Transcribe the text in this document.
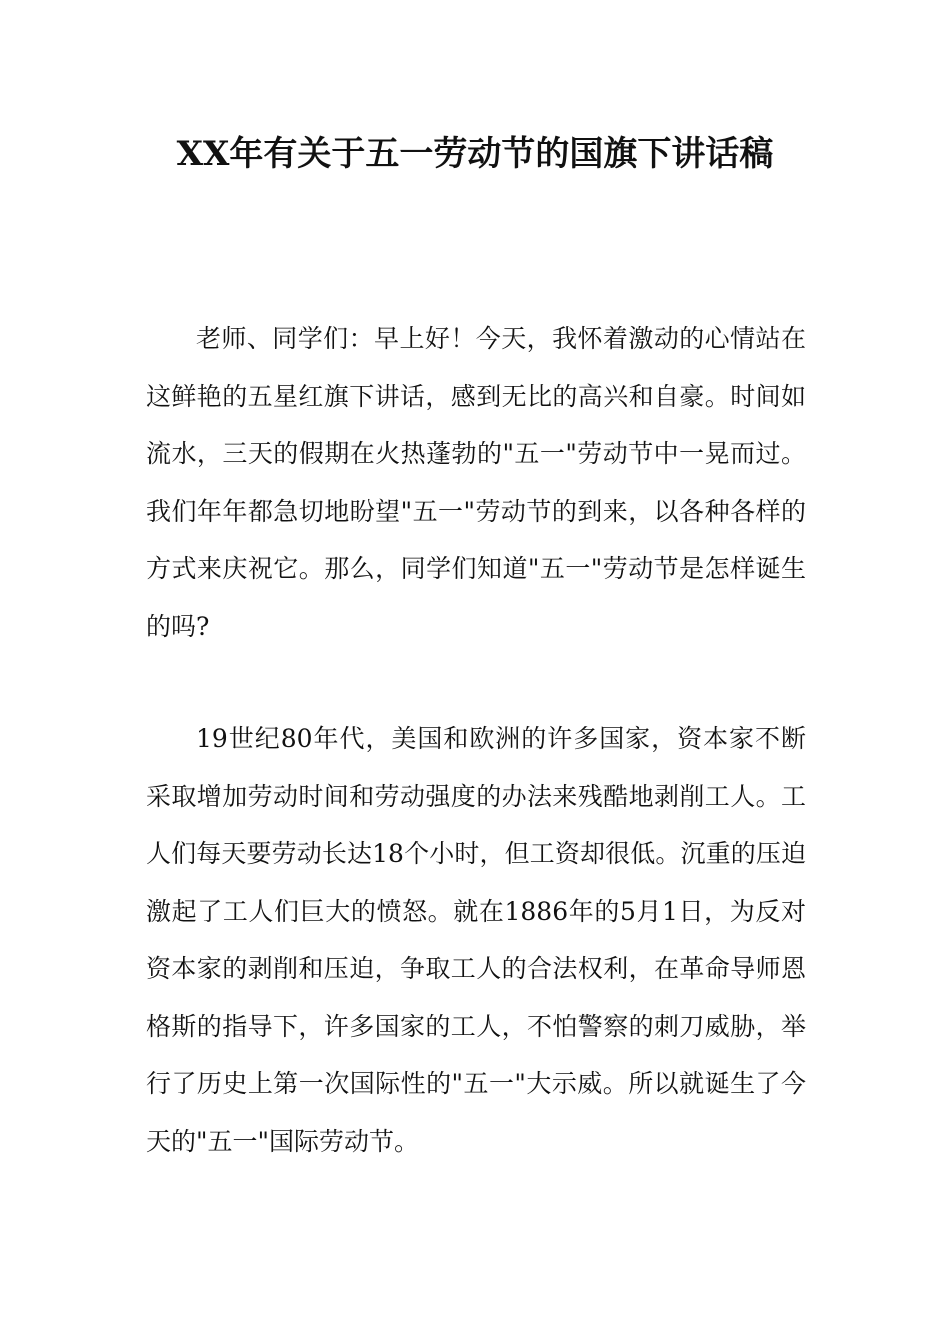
XX年有关于五一劳动节的国旗下讲话稿

老师、同学们：早上好！今天，我怀着激动的心情站在这鲜艳的五星红旗下讲话，感到无比的高兴和自豪。时间如流水，三天的假期在火热蓬勃的"五一"劳动节中一晃而过。我们年年都急切地盼望"五一"劳动节的到来，以各种各样的方式来庆祝它。那么，同学们知道"五一"劳动节是怎样诞生的吗?

19世纪80年代，美国和欧洲的许多国家，资本家不断采取增加劳动时间和劳动强度的办法来残酷地剥削工人。工人们每天要劳动长达18个小时，但工资却很低。沉重的压迫激起了工人们巨大的愤怒。就在1886年的5月1日，为反对资本家的剥削和压迫，争取工人的合法权利，在革命导师恩格斯的指导下，许多国家的工人，不怕警察的刺刀威胁，举行了历史上第一次国际性的"五一"大示威。所以就诞生了今天的"五一"国际劳动节。
